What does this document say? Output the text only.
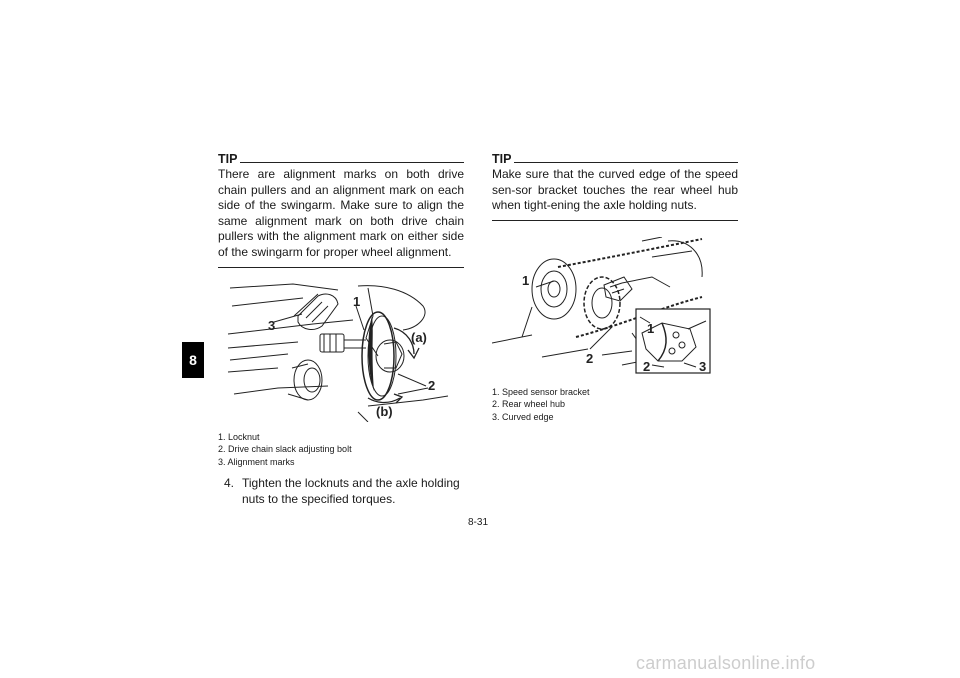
8
TIP

There are alignment marks on both drive chain pullers and an alignment mark on each side of the swingarm. Make sure to align the same alignment mark on both drive chain pullers with the alignment mark on either side of the swingarm for proper wheel alignment.

3
1
(a)
2
(b)
1. Locknut
2. Drive chain slack adjusting bolt
3. Alignment marks
4. Tighten the locknuts and the axle holding nuts to the specified torques.
TIP

Make sure that the curved edge of the speed sen-sor bracket touches the rear wheel hub when tight-ening the axle holding nuts.

1
2
1
2	3
1. Speed sensor bracket
2. Rear wheel hub
3. Curved edge
8-31
carmanualsonline.info
